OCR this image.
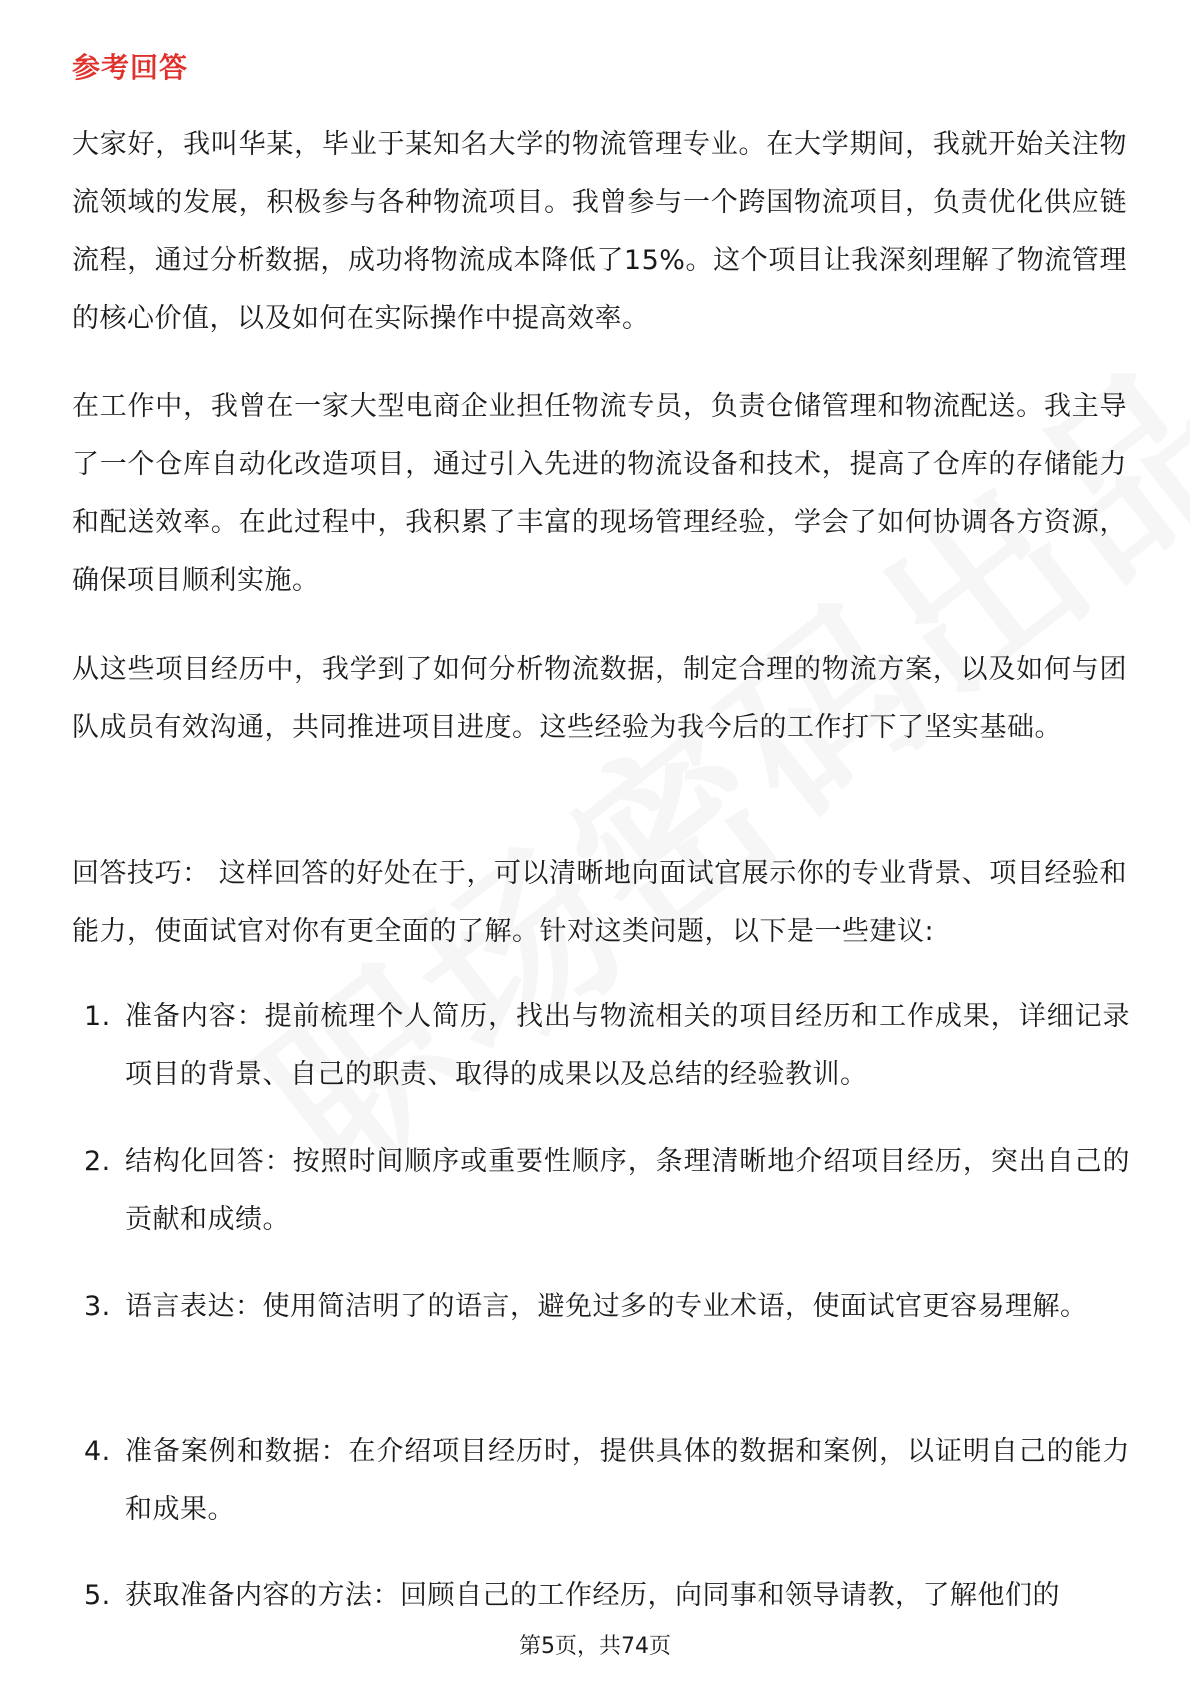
参考回答

大家好，我叫华某，毕业于某知名大学的物流管理专业。在大学期间，我就开始关注物流领域的发展，积极参与各种物流项目。我曾参与一个跨国物流项目，负责优化供应链流程，通过分析数据，成功将物流成本降低了15%。这个项目让我深刻理解了物流管理的核心价值，以及如何在实际操作中提高效率。

在工作中，我曾在一家大型电商企业担任物流专员，负责仓储管理和物流配送。我主导了一个仓库自动化改造项目，通过引入先进的物流设备和技术，提高了仓库的存储能力和配送效率。在此过程中，我积累了丰富的现场管理经验，学会了如何协调各方资源，确保项目顺利实施。

从这些项目经历中，我学到了如何分析物流数据，制定合理的物流方案，以及如何与团队成员有效沟通，共同推进项目进度。这些经验为我今后的工作打下了坚实基础。

回答技巧： 这样回答的好处在于，可以清晰地向面试官展示你的专业背景、项目经验和能力，使面试官对你有更全面的了解。针对这类问题，以下是一些建议:

1. 准备内容：提前梳理个人简历，找出与物流相关的项目经历和工作成果，详细记录项目的背景、自己的职责、取得的成果以及总结的经验教训。
2. 结构化回答：按照时间顺序或重要性顺序，条理清晰地介绍项目经历，突出自己的贡献和成绩。
3. 语言表达：使用简洁明了的语言，避免过多的专业术语，使面试官更容易理解。
4. 准备案例和数据：在介绍项目经历时，提供具体的数据和案例，以证明自己的能力和成果。
5. 获取准备内容的方法：回顾自己的工作经历，向同事和领导请教，了解他们的
第5页，共74页
